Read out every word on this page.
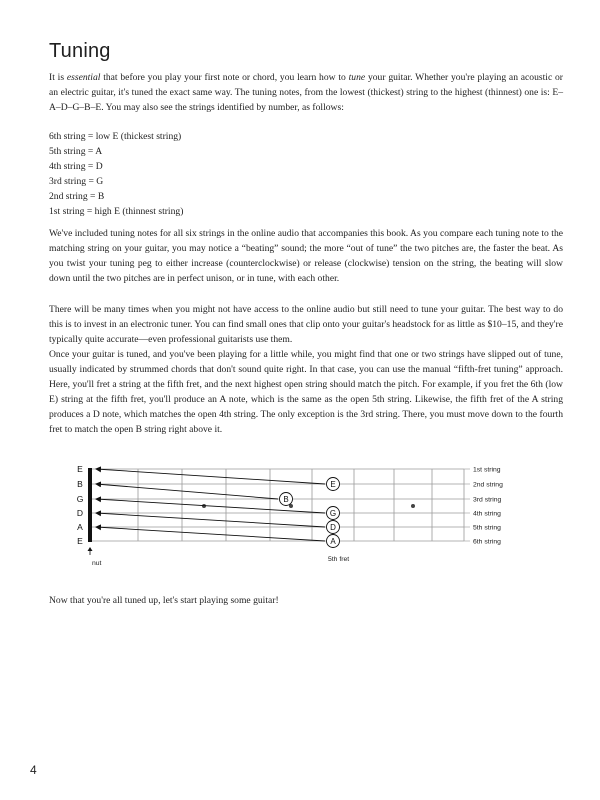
Tuning

It is essential that before you play your first note or chord, you learn how to tune your guitar. Whether you're playing an acoustic or an electric guitar, it's tuned the exact same way. The tuning notes, from the lowest (thickest) string to the highest (thinnest) one is: E–A–D–G–B–E. You may also see the strings identified by number, as follows:

6th string = low E (thickest string)
5th string = A
4th string = D
3rd string = G
2nd string = B
1st string = high E (thinnest string)

We've included tuning notes for all six strings in the online audio that accompanies this book. As you compare each tuning note to the matching string on your guitar, you may notice a “beating” sound; the more “out of tune” the two pitches are, the faster the beat. As you twist your tuning peg to either increase (counterclockwise) or release (clockwise) tension on the string, the beating will slow down until the two pitches are in perfect unison, or in tune, with each other.

There will be many times when you might not have access to the online audio but still need to tune your guitar. The best way to do this is to invest in an electronic tuner. You can find small ones that clip onto your guitar's headstock for as little as $10–15, and they're typically quite accurate—even professional guitarists use them.

Once your guitar is tuned, and you've been playing for a little while, you might find that one or two strings have slipped out of tune, usually indicated by strummed chords that don't sound quite right. In that case, you can use the manual “fifth-fret tuning” approach. Here, you'll fret a string at the fifth fret, and the next highest open string should match the pitch. For example, if you fret the 6th (low E) string at the fifth fret, you'll produce an A note, which is the same as the open 5th string. Likewise, the fifth fret of the A string produces a D note, which matches the open 4th string. The only exception is the 3rd string. There, you must move down to the fourth fret to match the open B string right above it.

E
B
G
D
A
E
B
G
D
A
E
1st string
2nd string
3rd string
4th string
5th string
6th string
nut
5th fret

Now that you're all tuned up, let's start playing some guitar!

4
